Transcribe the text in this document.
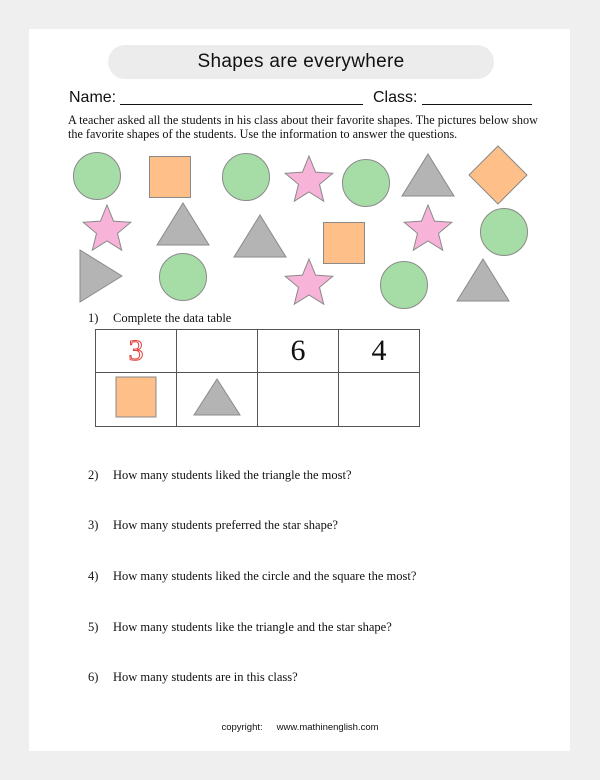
Shapes are everywhere
Name:	Class:
A teacher asked all the students in his class about their favorite shapes. The pictures below show the favorite shapes of the students. Use the information to answer the questions.
1) Complete the data table
3		6	4

2) How many students liked the triangle the most?
3) How many students preferred the star shape?
4) How many students liked the circle and the square the most?
5) How many students like the triangle and the star shape?
6) How many students are in this class?
copyright: www.mathinenglish.com
